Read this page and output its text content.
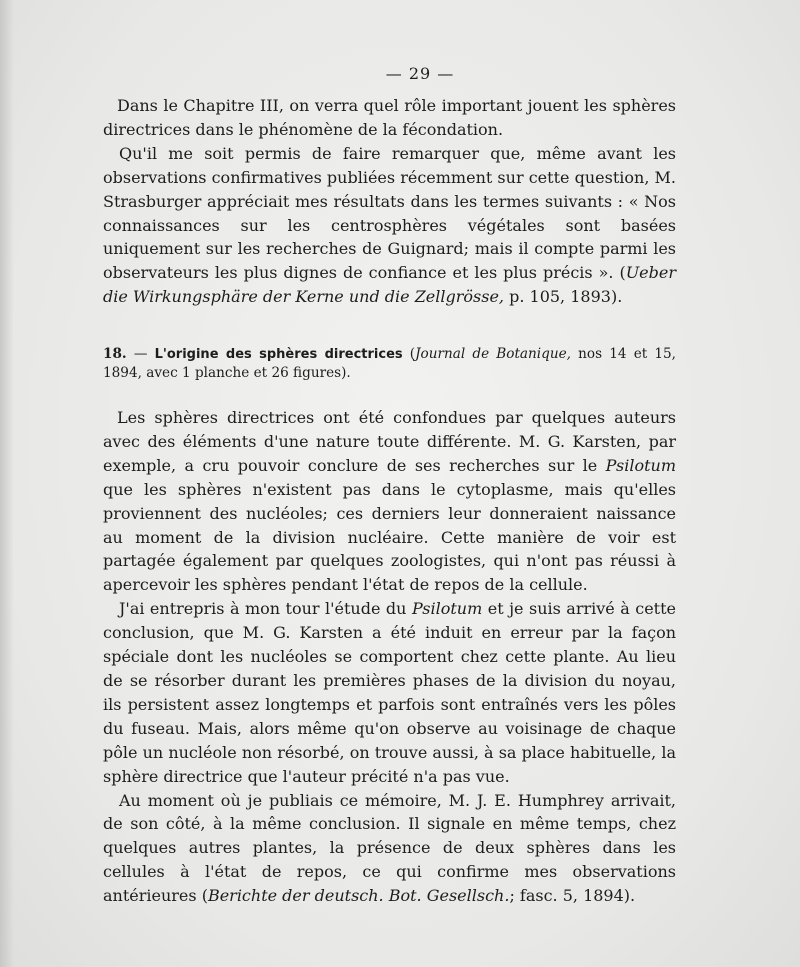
— 29 —

Dans le Chapitre III, on verra quel rôle important jouent les sphères directrices dans le phénomène de la fécondation.

Qu'il me soit permis de faire remarquer que, même avant les observations confirmatives publiées récemment sur cette question, M. Strasburger appréciait mes résultats dans les termes suivants : « Nos connaissances sur les centrosphères végétales sont basées uniquement sur les recherches de Guignard; mais il compte parmi les observateurs les plus dignes de confiance et les plus précis ». (Ueber die Wirkungsphäre der Kerne und die Zellgrösse, p. 105, 1893).

18. — L'origine des sphères directrices (Journal de Botanique, nos 14 et 15, 1894, avec 1 planche et 26 figures).

Les sphères directrices ont été confondues par quelques auteurs avec des éléments d'une nature toute différente. M. G. Karsten, par exemple, a cru pouvoir conclure de ses recherches sur le Psilotum que les sphères n'existent pas dans le cytoplasme, mais qu'elles proviennent des nucléoles; ces derniers leur donneraient naissance au moment de la division nucléaire. Cette manière de voir est partagée également par quelques zoologistes, qui n'ont pas réussi à apercevoir les sphères pendant l'état de repos de la cellule.

J'ai entrepris à mon tour l'étude du Psilotum et je suis arrivé à cette conclusion, que M. G. Karsten a été induit en erreur par la façon spéciale dont les nucléoles se comportent chez cette plante. Au lieu de se résorber durant les premières phases de la division du noyau, ils persistent assez longtemps et parfois sont entraînés vers les pôles du fuseau. Mais, alors même qu'on observe au voisinage de chaque pôle un nucléole non résorbé, on trouve aussi, à sa place habituelle, la sphère directrice que l'auteur précité n'a pas vue.

Au moment où je publiais ce mémoire, M. J. E. Humphrey arrivait, de son côté, à la même conclusion. Il signale en même temps, chez quelques autres plantes, la présence de deux sphères dans les cellules à l'état de repos, ce qui confirme mes observations antérieures (Berichte der deutsch. Bot. Gesellsch.; fasc. 5, 1894).
